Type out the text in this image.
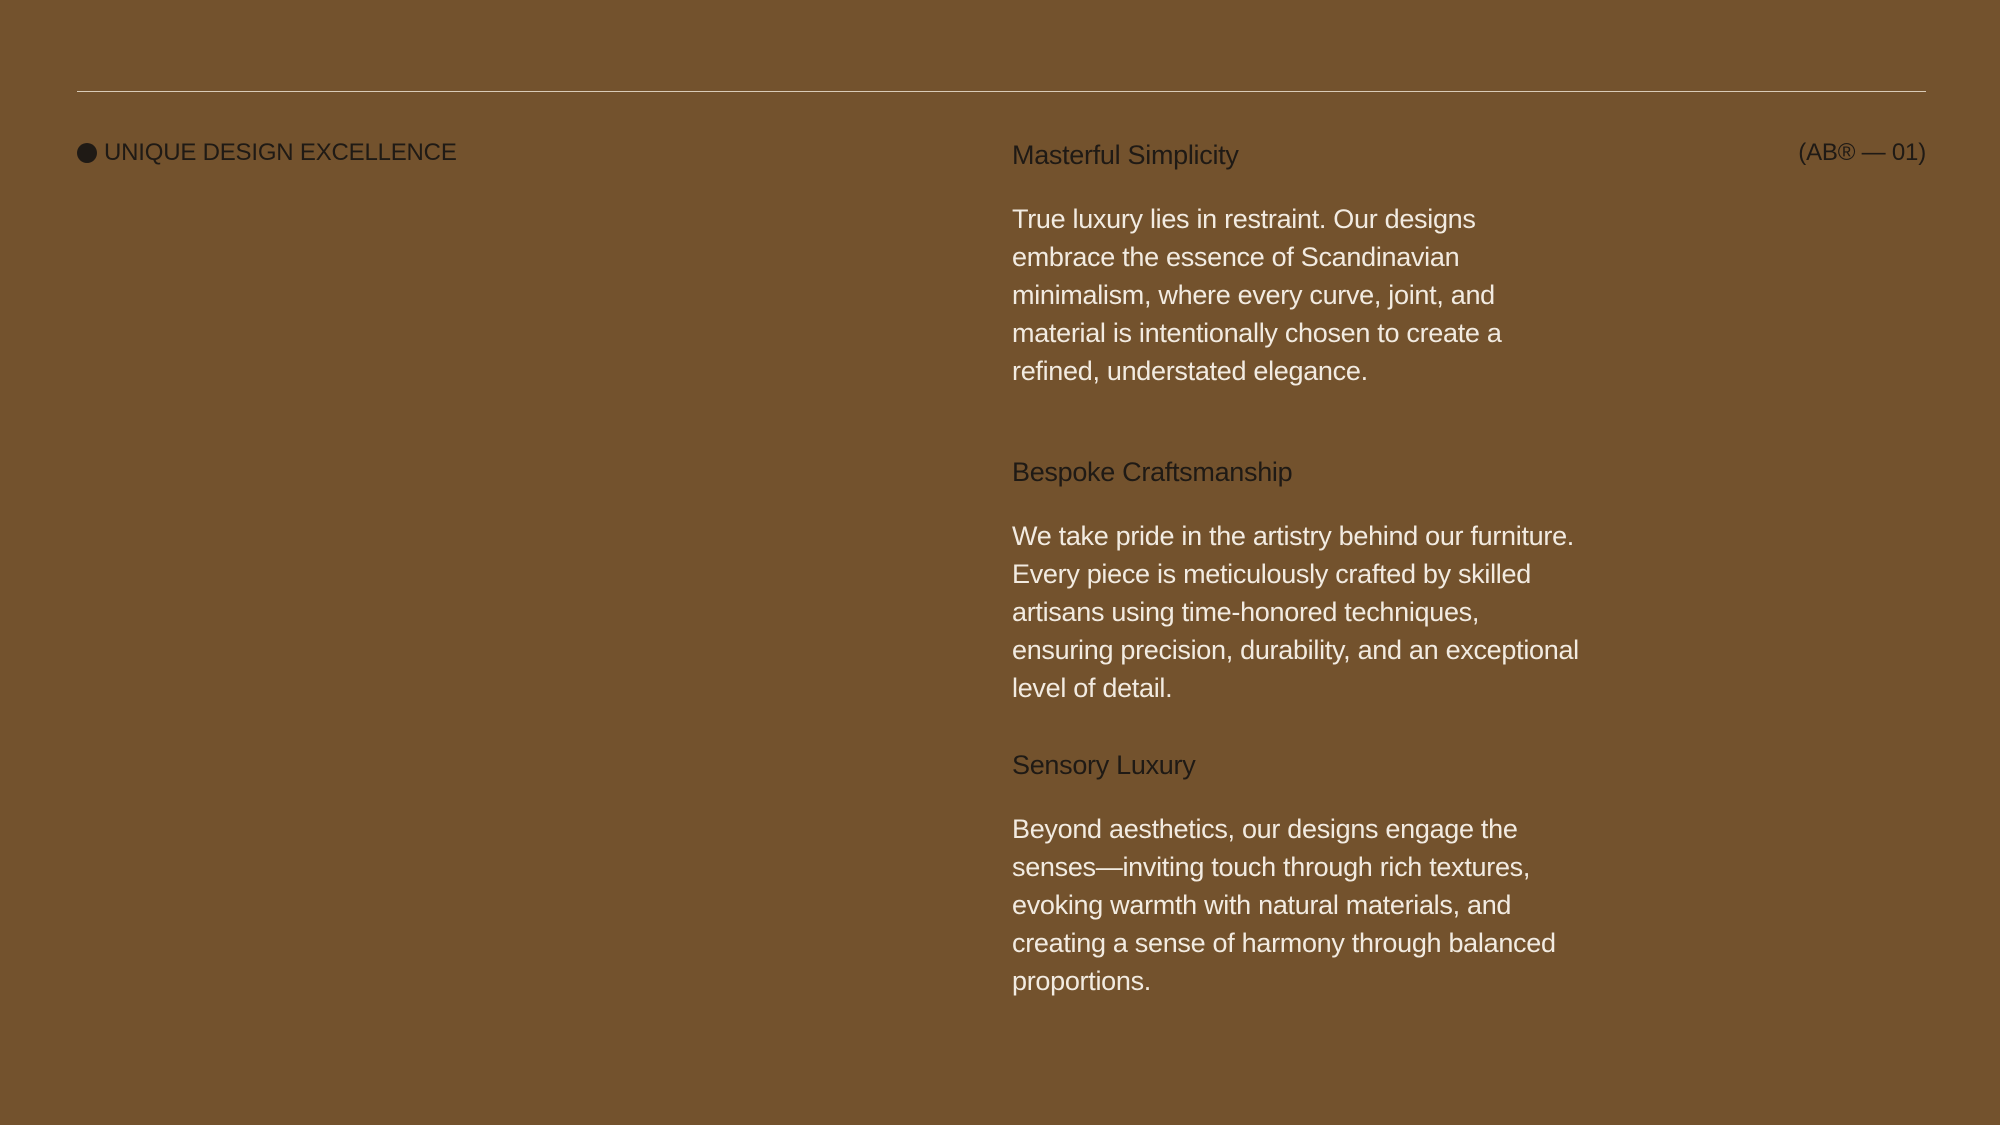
UNIQUE DESIGN EXCELLENCE	(AB® — 01)
Masterful Simplicity

True luxury lies in restraint. Our designs embrace the essence of Scandinavian minimalism, where every curve, joint, and material is intentionally chosen to create a refined, understated elegance.

Bespoke Craftsmanship

We take pride in the artistry behind our furniture. Every piece is meticulously crafted by skilled artisans using time-honored techniques, ensuring precision, durability, and an exceptional level of detail.

Sensory Luxury

Beyond aesthetics, our designs engage the senses—inviting touch through rich textures, evoking warmth with natural materials, and creating a sense of harmony through balanced proportions.
